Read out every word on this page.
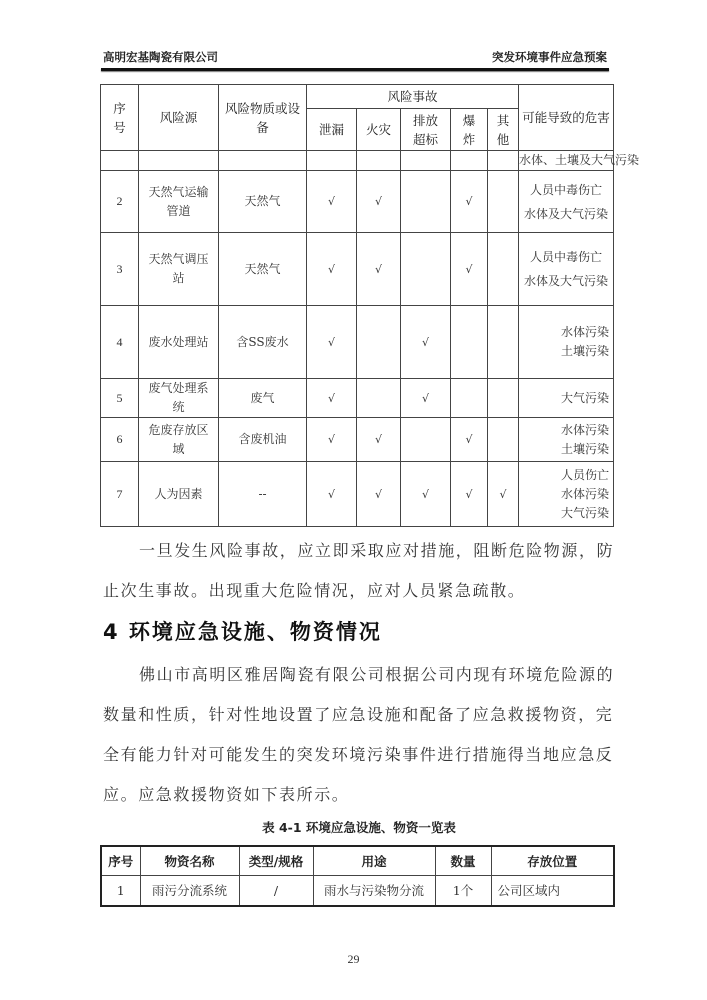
高明宏基陶瓷有限公司	突发环境事件应急预案
序号	风险源	风险物质或设备	风险事故					可能导致的危害
			泄漏	火灾	排放超标	爆炸	其他	

								水体、土壤及大气污染
2	天然气运输管道	天然气	√	√		√		人员中毒伤亡
水体及大气污染

3	天然气调压站	天然气	√	√		√		人员中毒伤亡
水体及大气污染

4	废水处理站	含SS废水	√		√			水体污染
土壤污染

5	废气处理系统	废气	√		√			大气污染

6	危废存放区域	含废机油	√	√		√		水体污染
土壤污染

7	人为因素	--	√	√	√	√	√	人员伤亡
水体污染
大气污染
一旦发生风险事故，应立即采取应对措施，阻断危险物源，防止次生事故。出现重大危险情况，应对人员紧急疏散。
4 环境应急设施、物资情况
佛山市高明区雅居陶瓷有限公司根据公司内现有环境危险源的数量和性质，针对性地设置了应急设施和配备了应急救援物资，完全有能力针对可能发生的突发环境污染事件进行措施得当地应急反应。应急救援物资如下表所示。
表 4-1 环境应急设施、物资一览表
序号	物资名称	类型/规格	用途	数量	存放位置
1	雨污分流系统	/	雨水与污染物分流	1个	公司区域内
29
